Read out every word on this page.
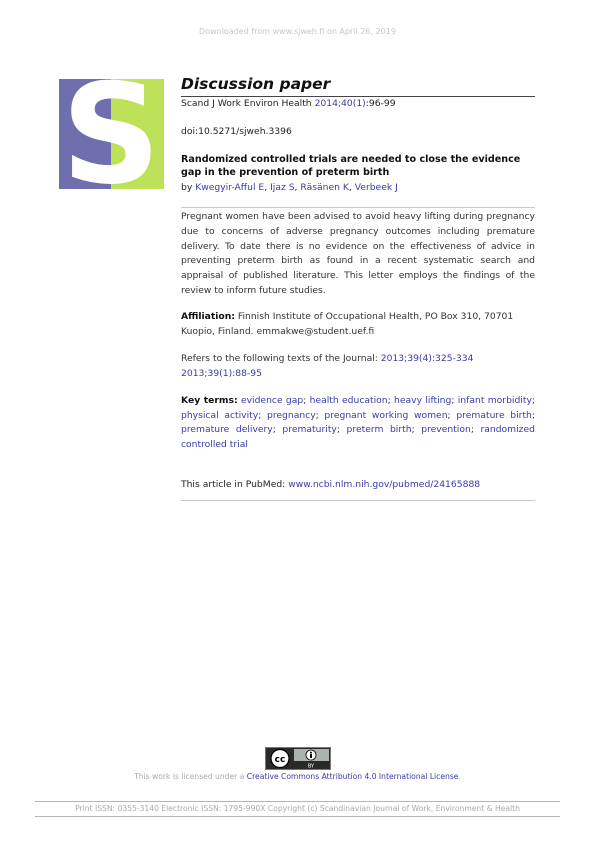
Downloaded from www.sjweh.fi on April 26, 2019
S Discussion paper
Scand J Work Environ Health 2014;40(1):96-99
doi:10.5271/sjweh.3396
Randomized controlled trials are needed to close the evidence gap in the prevention of preterm birth
by Kwegyir-Afful E, Ijaz S, Räsänen K, Verbeek J
Pregnant women have been advised to avoid heavy lifting during pregnancy due to concerns of adverse pregnancy outcomes including premature delivery. To date there is no evidence on the effectiveness of advice in preventing preterm birth as found in a recent systematic search and appraisal of published literature. This letter employs the findings of the review to inform future studies.
Affiliation: Finnish Institute of Occupational Health, PO Box 310, 70701 Kuopio, Finland. emmakwe@student.uef.fi
Refers to the following texts of the Journal: 2013;39(4):325-334
2013;39(1):88-95
Key terms: evidence gap; health education; heavy lifting; infant morbidity; physical activity; pregnancy; pregnant working women; premature birth; premature delivery; prematurity; preterm birth; prevention; randomized controlled trial
This article in PubMed: www.ncbi.nlm.nih.gov/pubmed/24165888
cc
BY
This work is licensed under a Creative Commons Attribution 4.0 International License.
Print ISSN: 0355-3140 Electronic ISSN: 1795-990X Copyright (c) Scandinavian Journal of Work, Environment & Health
